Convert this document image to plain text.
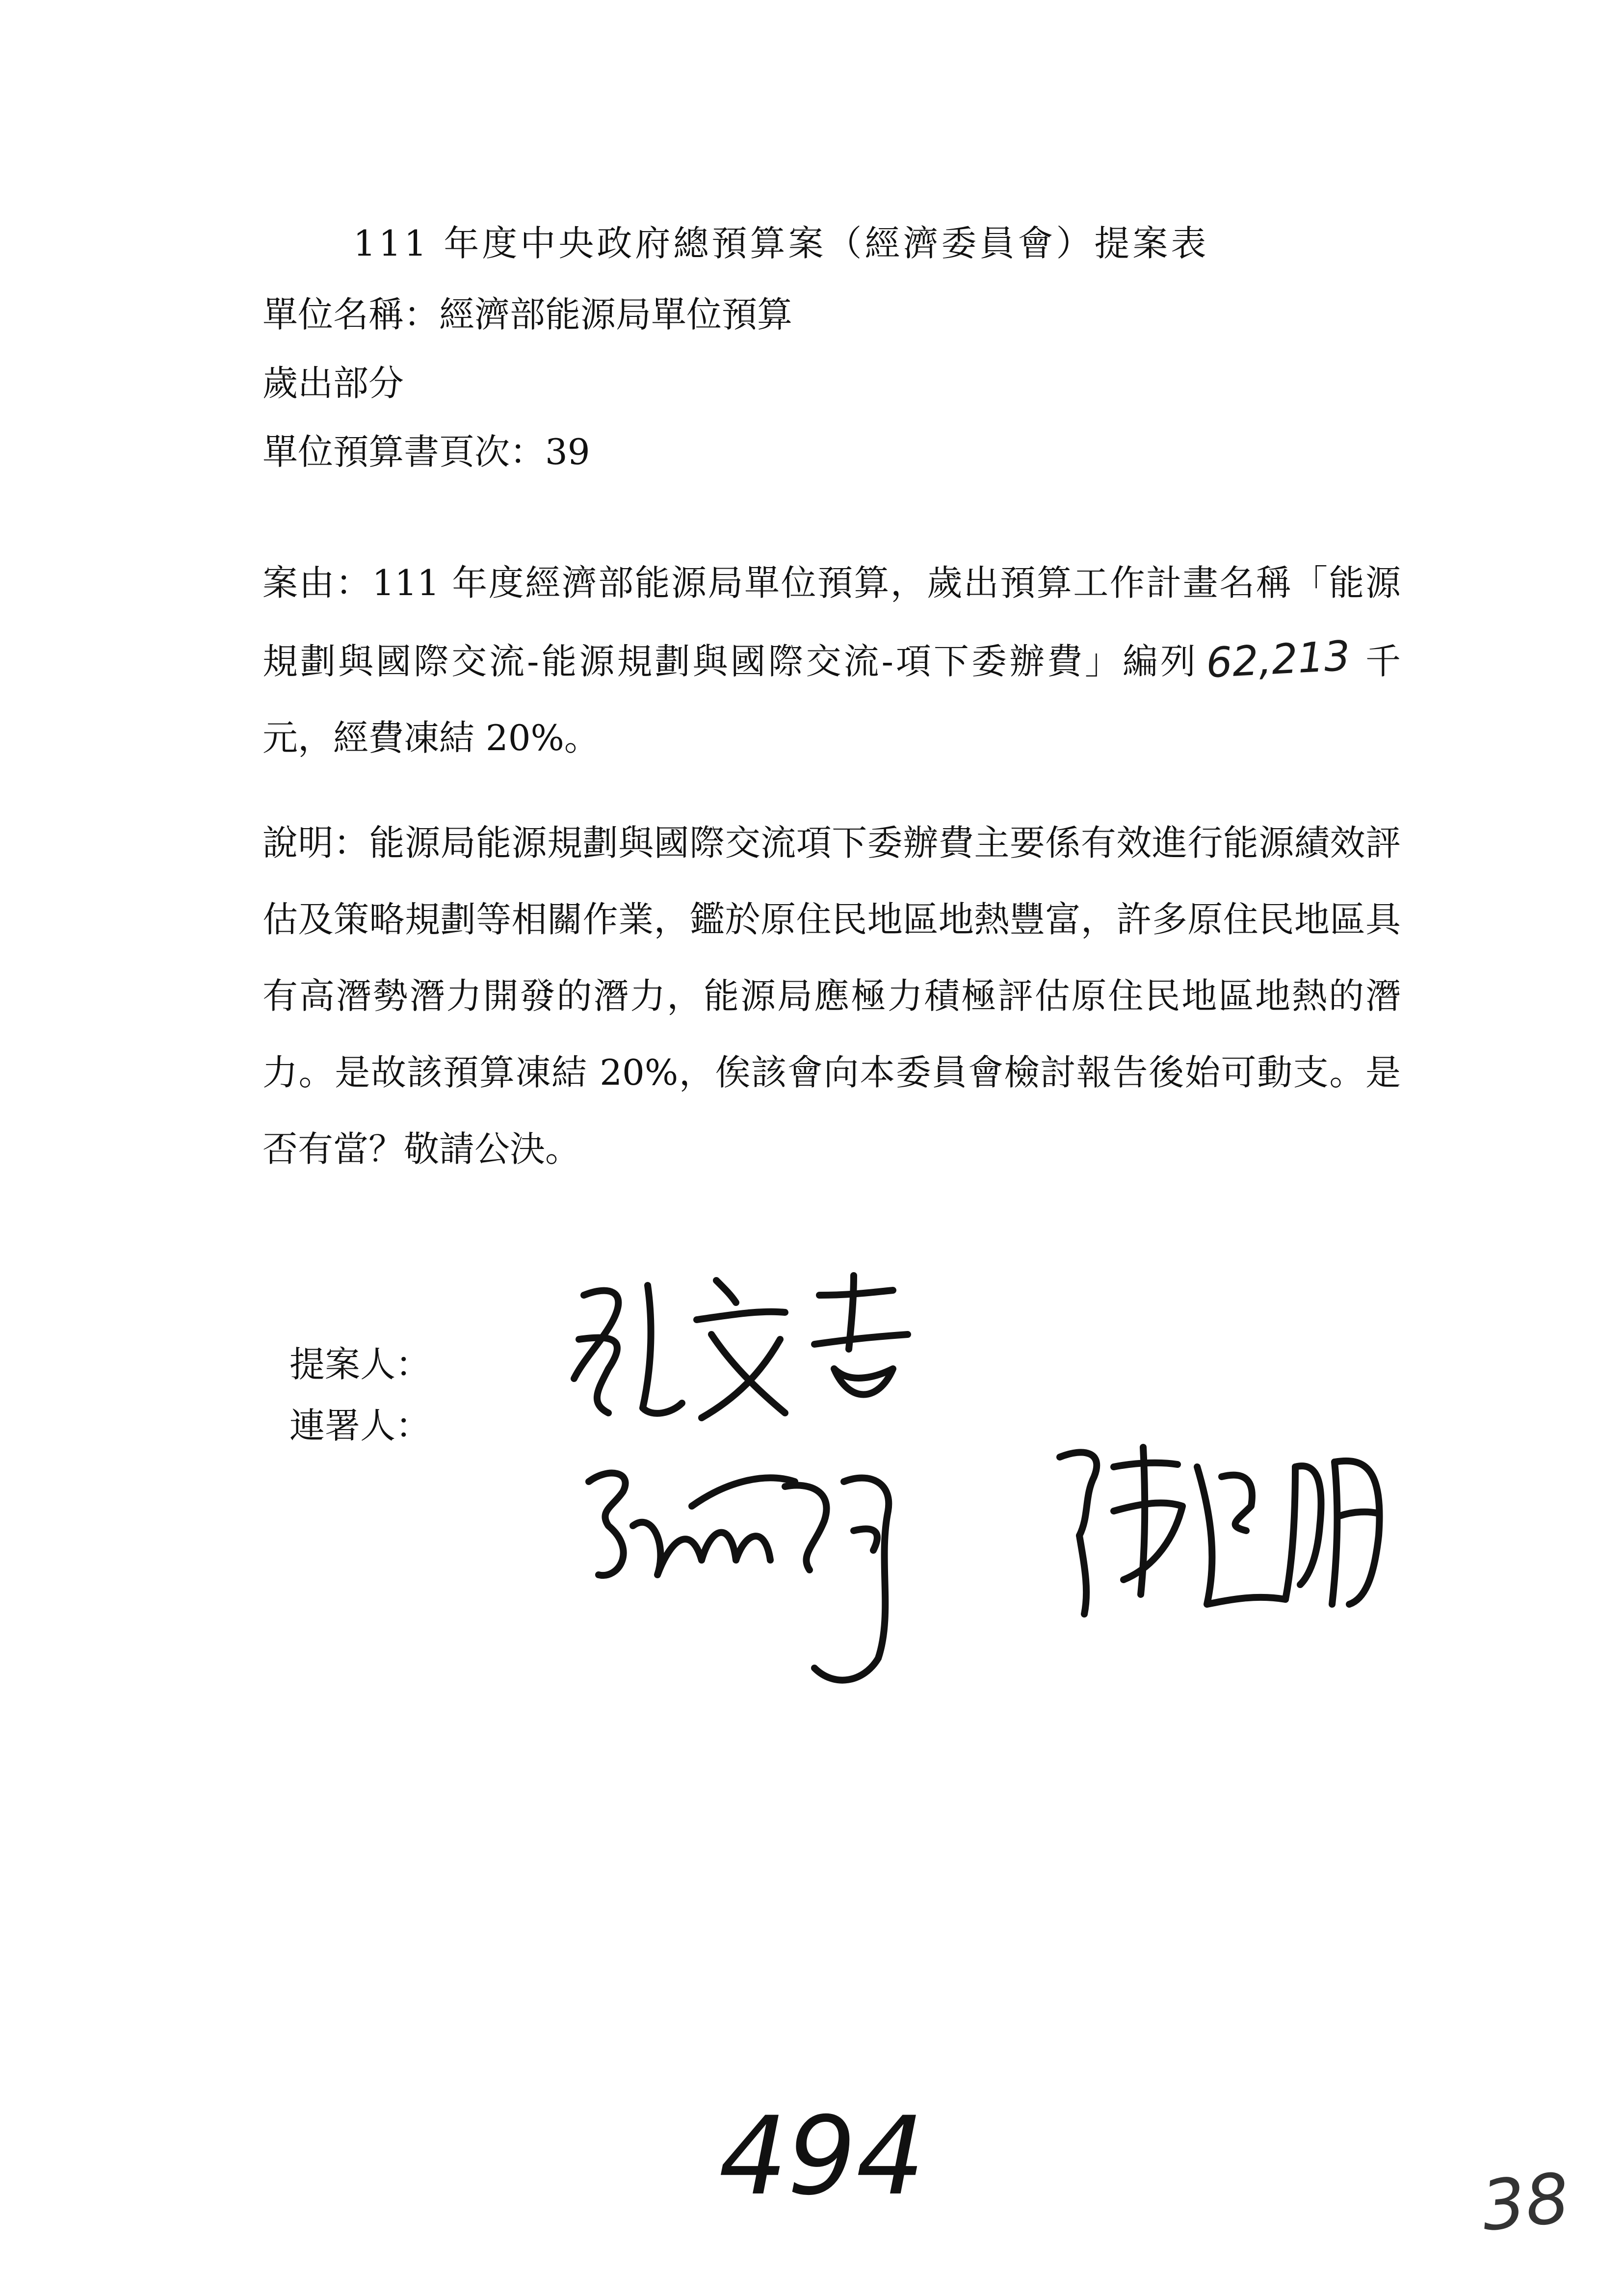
111 年度中央政府總預算案（經濟委員會）提案表
單位名稱：經濟部能源局單位預算
歲出部分
單位預算書頁次：39
案由：111 年度經濟部能源局單位預算，歲出預算工作計畫名稱「能源規劃與國際交流-能源規劃與國際交流-項下委辦費」編列 62,213 千元，經費凍結 20%。
說明：能源局能源規劃與國際交流項下委辦費主要係有效進行能源績效評估及策略規劃等相關作業，鑑於原住民地區地熱豐富，許多原住民地區具有高潛勢潛力開發的潛力，能源局應極力積極評估原住民地區地熱的潛力。是故該預算凍結 20%，俟該會向本委員會檢討報告後始可動支。是否有當？敬請公決。
提案人：
連署人：
494	38
